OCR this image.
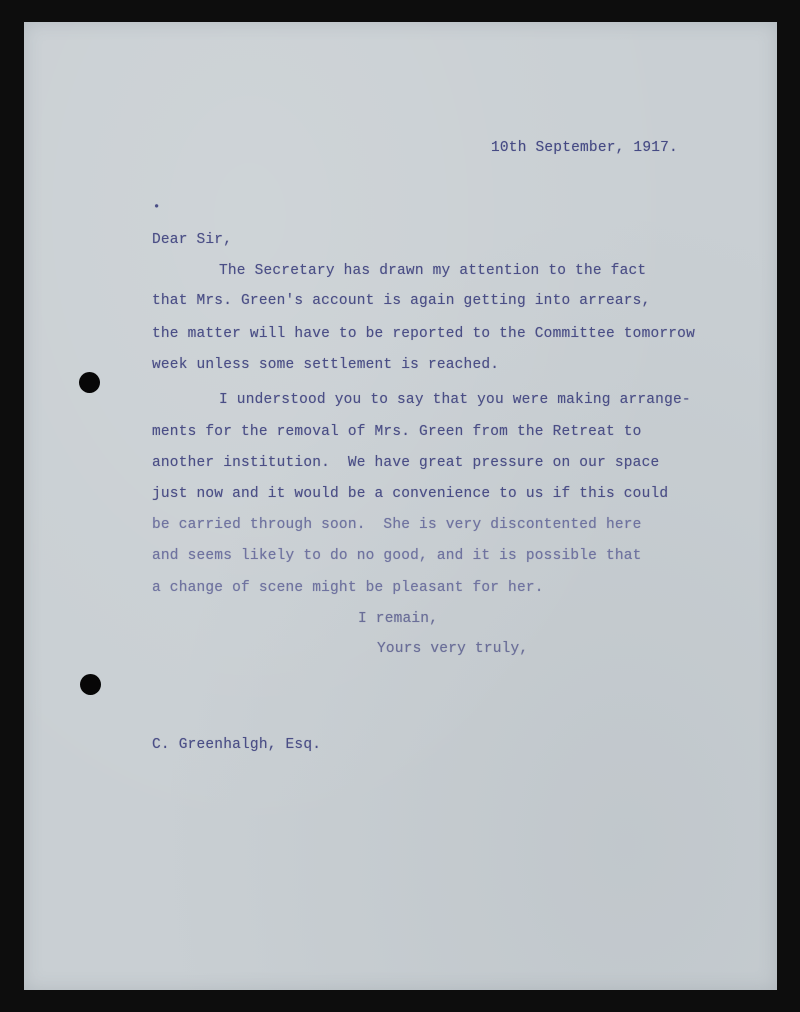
10th September, 1917.
•
Dear Sir,
The Secretary has drawn my attention to the fact
that Mrs. Green's account is again getting into arrears,
the matter will have to be reported to the Committee tomorrow
week unless some settlement is reached.
I understood you to say that you were making arrange-
ments for the removal of Mrs. Green from the Retreat to
another institution.  We have great pressure on our space
just now and it would be a convenience to us if this could
be carried through soon.  She is very discontented here
and seems likely to do no good, and it is possible that
a change of scene might be pleasant for her.
I remain,
Yours very truly,
C. Greenhalgh, Esq.
